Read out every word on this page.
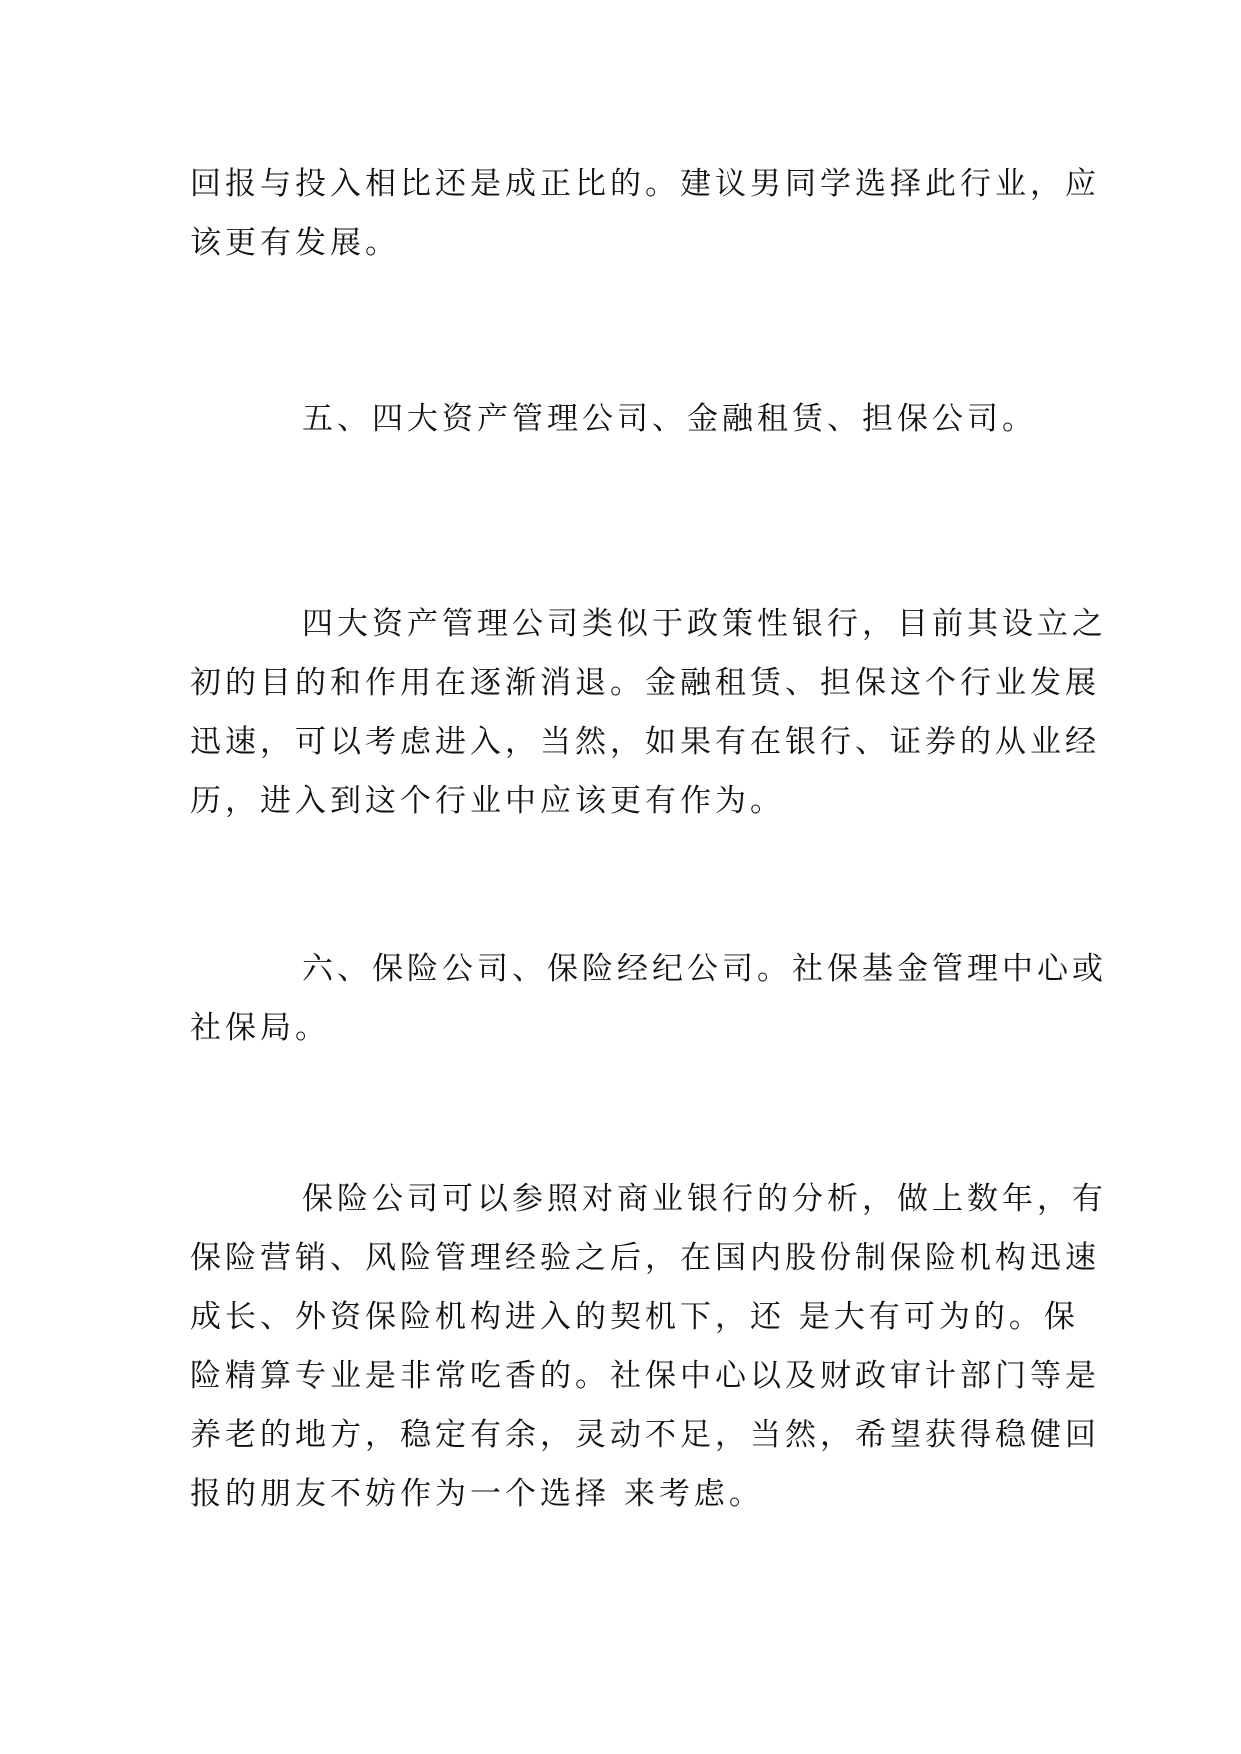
回报与投入相比还是成正比的。建议男同学选择此行业，应
该更有发展。

五、四大资产管理公司、金融租赁、担保公司。

四大资产管理公司类似于政策性银行，目前其设立之
初的目的和作用在逐渐消退。金融租赁、担保这个行业发展
迅速，可以考虑进入，当然，如果有在银行、证券的从业经
历，进入到这个行业中应该更有作为。

六、保险公司、保险经纪公司。社保基金管理中心或
社保局。

保险公司可以参照对商业银行的分析，做上数年，有
保险营销、风险管理经验之后，在国内股份制保险机构迅速
成长、外资保险机构进入的契机下，还 是大有可为的。保
险精算专业是非常吃香的。社保中心以及财政审计部门等是
养老的地方，稳定有余，灵动不足，当然，希望获得稳健回
报的朋友不妨作为一个选择 来考虑。
